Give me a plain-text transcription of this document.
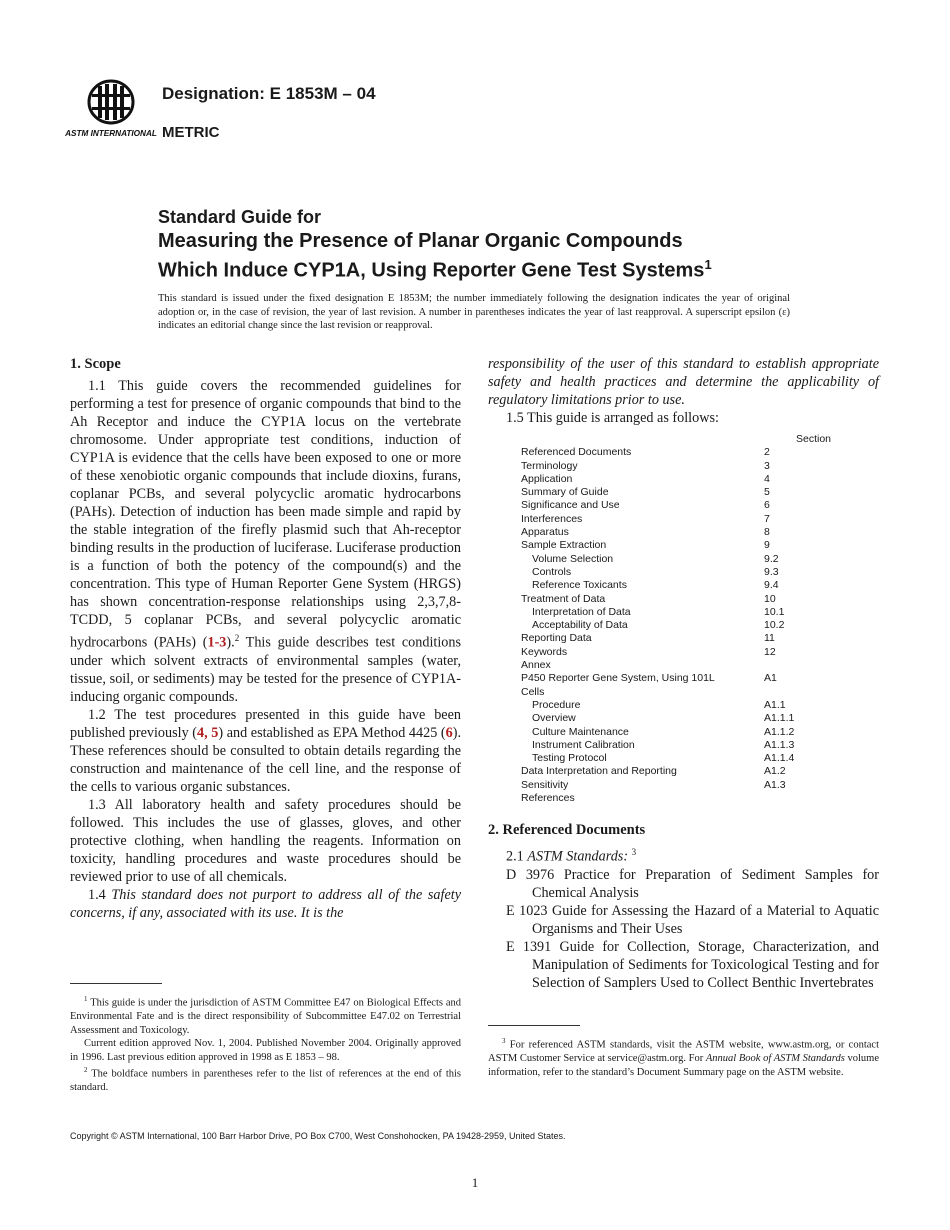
ASTM INTERNATIONAL
Designation: E 1853M – 04
METRIC
Standard Guide for
Measuring the Presence of Planar Organic Compounds
Which Induce CYP1A, Using Reporter Gene Test Systems$^1$
This standard is issued under the fixed designation E 1853M; the number immediately following the designation indicates the year of original adoption or, in the case of revision, the year of last revision. A number in parentheses indicates the year of last reapproval. A superscript epsilon (ε) indicates an editorial change since the last revision or reapproval.
1. Scope

1.1 This guide covers the recommended guidelines for performing a test for presence of organic compounds that bind to the Ah Receptor and induce the CYP1A locus on the vertebrate chromosome. Under appropriate test conditions, induction of CYP1A is evidence that the cells have been exposed to one or more of these xenobiotic organic compounds that include dioxins, furans, coplanar PCBs, and several polycyclic aromatic hydrocarbons (PAHs). Detection of induction has been made simple and rapid by the stable integration of the firefly plasmid such that Ah-receptor binding results in the production of luciferase. Luciferase production is a function of both the potency of the compound(s) and the concentration. This type of Human Reporter Gene System (HRGS) has shown concentration-response relationships using 2,3,7,8-TCDD, 5 coplanar PCBs, and several polycyclic aromatic hydrocarbons (PAHs) (1-3).$^2$ This guide describes test conditions under which solvent extracts of environmental samples (water, tissue, soil, or sediments) may be tested for the presence of CYP1A-inducing organic compounds.

1.2 The test procedures presented in this guide have been published previously (4, 5) and established as EPA Method 4425 (6). These references should be consulted to obtain details regarding the construction and maintenance of the cell line, and the response of the cells to various organic substances.

1.3 All laboratory health and safety procedures should be followed. This includes the use of glasses, gloves, and other protective clothing, when handling the reagents. Information on toxicity, handling procedures and waste procedures should be reviewed prior to use of all chemicals.

1.4 This standard does not purport to address all of the safety concerns, if any, associated with its use. It is the

$^1$ This guide is under the jurisdiction of ASTM Committee E47 on Biological Effects and Environmental Fate and is the direct responsibility of Subcommittee E47.02 on Terrestrial Assessment and Toxicology.

Current edition approved Nov. 1, 2004. Published November 2004. Originally approved in 1996. Last previous edition approved in 1998 as E 1853 – 98.

$^2$ The boldface numbers in parentheses refer to the list of references at the end of this standard.

responsibility of the user of this standard to establish appropriate safety and health practices and determine the applicability of regulatory limitations prior to use.

1.5 This guide is arranged as follows:

Section
Referenced Documents	2
Terminology	3
Application	4
Summary of Guide	5
Significance and Use	6
Interferences	7
Apparatus	8
Sample Extraction	9
Volume Selection	9.2
Controls	9.3
Reference Toxicants	9.4
Treatment of Data	10
Interpretation of Data	10.1
Acceptability of Data	10.2
Reporting Data	11
Keywords	12
Annex
P450 Reporter Gene System, Using 101L	A1
Cells
Procedure	A1.1
Overview	A1.1.1
Culture Maintenance	A1.1.2
Instrument Calibration	A1.1.3
Testing Protocol	A1.1.4
Data Interpretation and Reporting	A1.2
Sensitivity	A1.3
References
2. Referenced Documents

2.1 ASTM Standards: $^3$

D 3976 Practice for Preparation of Sediment Samples for Chemical Analysis

E 1023 Guide for Assessing the Hazard of a Material to Aquatic Organisms and Their Uses

E 1391 Guide for Collection, Storage, Characterization, and Manipulation of Sediments for Toxicological Testing and for Selection of Samplers Used to Collect Benthic Invertebrates

$^3$ For referenced ASTM standards, visit the ASTM website, www.astm.org, or contact ASTM Customer Service at service@astm.org. For Annual Book of ASTM Standards volume information, refer to the standard’s Document Summary page on the ASTM website.

Copyright © ASTM International, 100 Barr Harbor Drive, PO Box C700, West Conshohocken, PA 19428-2959, United States.
1
